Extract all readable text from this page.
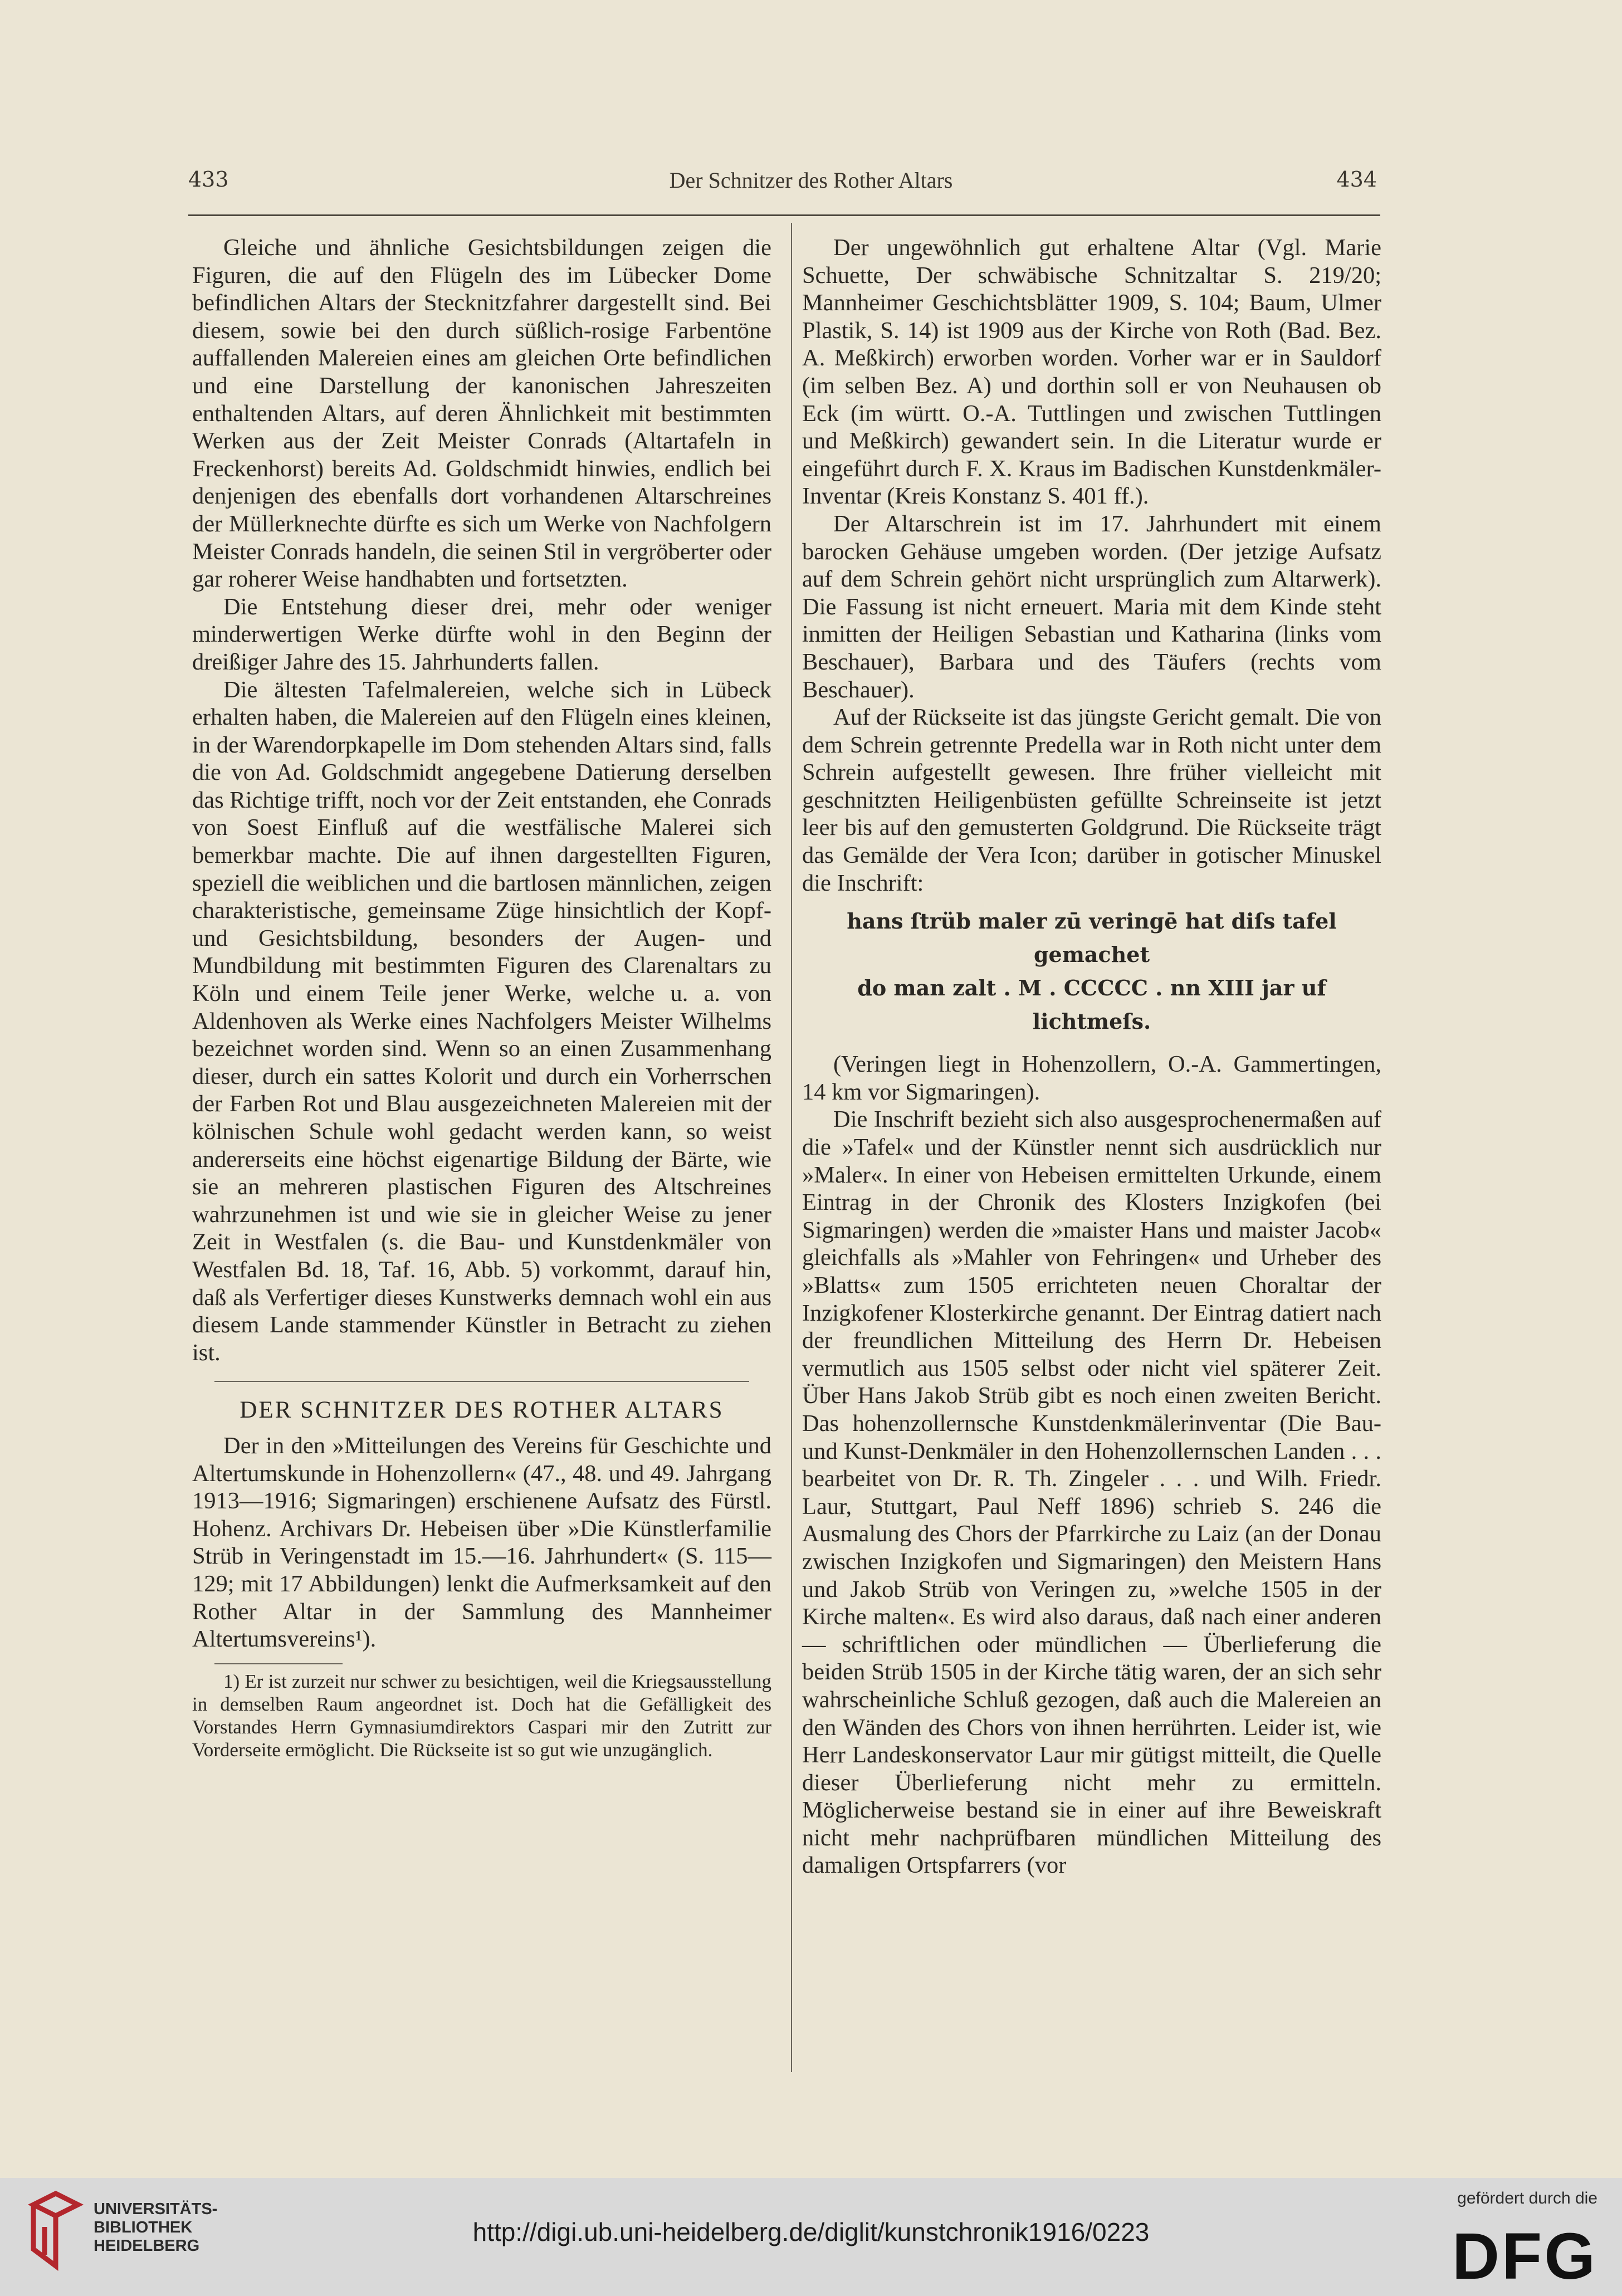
433	Der Schnitzer des Rother Altars	434

Gleiche und ähnliche Gesichtsbildungen zeigen die Figuren, die auf den Flügeln des im Lübecker Dome befindlichen Altars der Stecknitzfahrer dargestellt sind. Bei diesem, sowie bei den durch süßlich-rosige Farbentöne auffallenden Malereien eines am gleichen Orte befindlichen und eine Darstellung der kanonischen Jahreszeiten enthaltenden Altars, auf deren Ähnlichkeit mit bestimmten Werken aus der Zeit Meister Conrads (Altartafeln in Freckenhorst) bereits Ad. Goldschmidt hinwies, endlich bei denjenigen des ebenfalls dort vorhandenen Altarschreines der Müllerknechte dürfte es sich um Werke von Nachfolgern Meister Conrads handeln, die seinen Stil in vergröberter oder gar roherer Weise handhabten und fortsetzten.

Die Entstehung dieser drei, mehr oder weniger minderwertigen Werke dürfte wohl in den Beginn der dreißiger Jahre des 15. Jahrhunderts fallen.

Die ältesten Tafelmalereien, welche sich in Lübeck erhalten haben, die Malereien auf den Flügeln eines kleinen, in der Warendorpkapelle im Dom stehenden Altars sind, falls die von Ad. Goldschmidt angegebene Datierung derselben das Richtige trifft, noch vor der Zeit entstanden, ehe Conrads von Soest Einfluß auf die westfälische Malerei sich bemerkbar machte. Die auf ihnen dargestellten Figuren, speziell die weiblichen und die bartlosen männlichen, zeigen charakteristische, gemeinsame Züge hinsichtlich der Kopf- und Gesichtsbildung, besonders der Augen- und Mundbildung mit bestimmten Figuren des Clarenaltars zu Köln und einem Teile jener Werke, welche u. a. von Aldenhoven als Werke eines Nachfolgers Meister Wilhelms bezeichnet worden sind. Wenn so an einen Zusammenhang dieser, durch ein sattes Kolorit und durch ein Vorherrschen der Farben Rot und Blau ausgezeichneten Malereien mit der kölnischen Schule wohl gedacht werden kann, so weist andererseits eine höchst eigenartige Bildung der Bärte, wie sie an mehreren plastischen Figuren des Altschreines wahrzunehmen ist und wie sie in gleicher Weise zu jener Zeit in Westfalen (s. die Bau- und Kunstdenkmäler von Westfalen Bd. 18, Taf. 16, Abb. 5) vorkommt, darauf hin, daß als Verfertiger dieses Kunstwerks demnach wohl ein aus diesem Lande stammender Künstler in Betracht zu ziehen ist.

DER SCHNITZER DES ROTHER ALTARS

Der in den »Mitteilungen des Vereins für Geschichte und Altertumskunde in Hohenzollern« (47., 48. und 49. Jahrgang 1913—1916; Sigmaringen) erschienene Aufsatz des Fürstl. Hohenz. Archivars Dr. Hebeisen über »Die Künstlerfamilie Strüb in Veringenstadt im 15.—16. Jahrhundert« (S. 115—129; mit 17 Abbildungen) lenkt die Aufmerksamkeit auf den Rother Altar in der Sammlung des Mannheimer Altertumsvereins¹).

1) Er ist zurzeit nur schwer zu besichtigen, weil die Kriegsausstellung in demselben Raum angeordnet ist. Doch hat die Gefälligkeit des Vorstandes Herrn Gymnasiumdirektors Caspari mir den Zutritt zur Vorderseite ermöglicht. Die Rückseite ist so gut wie unzugänglich.

Der ungewöhnlich gut erhaltene Altar (Vgl. Marie Schuette, Der schwäbische Schnitzaltar S. 219/20; Mannheimer Geschichtsblätter 1909, S. 104; Baum, Ulmer Plastik, S. 14) ist 1909 aus der Kirche von Roth (Bad. Bez. A. Meßkirch) erworben worden. Vorher war er in Sauldorf (im selben Bez. A) und dorthin soll er von Neuhausen ob Eck (im württ. O.-A. Tuttlingen und zwischen Tuttlingen und Meßkirch) gewandert sein. In die Literatur wurde er eingeführt durch F. X. Kraus im Badischen Kunstdenkmäler-Inventar (Kreis Konstanz S. 401 ff.).

Der Altarschrein ist im 17. Jahrhundert mit einem barocken Gehäuse umgeben worden. (Der jetzige Aufsatz auf dem Schrein gehört nicht ursprünglich zum Altarwerk). Die Fassung ist nicht erneuert. Maria mit dem Kinde steht inmitten der Heiligen Sebastian und Katharina (links vom Beschauer), Barbara und des Täufers (rechts vom Beschauer).

Auf der Rückseite ist das jüngste Gericht gemalt. Die von dem Schrein getrennte Predella war in Roth nicht unter dem Schrein aufgestellt gewesen. Ihre früher vielleicht mit geschnitzten Heiligenbüsten gefüllte Schreinseite ist jetzt leer bis auf den gemusterten Goldgrund. Die Rückseite trägt das Gemälde der Vera Icon; darüber in gotischer Minuskel die Inschrift:

hans ſtrüb maler zū veringē hat diſs tafel gemachet
do man zalt . M . CCCCC . nn XIII jar uf lichtmeſs.

(Veringen liegt in Hohenzollern, O.-A. Gammertingen, 14 km vor Sigmaringen).

Die Inschrift bezieht sich also ausgesprochenermaßen auf die »Tafel« und der Künstler nennt sich ausdrücklich nur »Maler«. In einer von Hebeisen ermittelten Urkunde, einem Eintrag in der Chronik des Klosters Inzigkofen (bei Sigmaringen) werden die »maister Hans und maister Jacob« gleichfalls als »Mahler von Fehringen« und Urheber des »Blatts« zum 1505 errichteten neuen Choraltar der Inzigkofener Klosterkirche genannt. Der Eintrag datiert nach der freundlichen Mitteilung des Herrn Dr. Hebeisen vermutlich aus 1505 selbst oder nicht viel späterer Zeit. Über Hans Jakob Strüb gibt es noch einen zweiten Bericht. Das hohenzollernsche Kunstdenkmälerinventar (Die Bau- und Kunst-Denkmäler in den Hohenzollernschen Landen . . . bearbeitet von Dr. R. Th. Zingeler . . . und Wilh. Friedr. Laur, Stuttgart, Paul Neff 1896) schrieb S. 246 die Ausmalung des Chors der Pfarrkirche zu Laiz (an der Donau zwischen Inzigkofen und Sigmaringen) den Meistern Hans und Jakob Strüb von Veringen zu, »welche 1505 in der Kirche malten«. Es wird also daraus, daß nach einer anderen — schriftlichen oder mündlichen — Überlieferung die beiden Strüb 1505 in der Kirche tätig waren, der an sich sehr wahrscheinliche Schluß gezogen, daß auch die Malereien an den Wänden des Chors von ihnen herrührten. Leider ist, wie Herr Landeskonservator Laur mir gütigst mitteilt, die Quelle dieser Überlieferung nicht mehr zu ermitteln. Möglicherweise bestand sie in einer auf ihre Beweiskraft nicht mehr nachprüfbaren mündlichen Mitteilung des damaligen Ortspfarrers (vor

UNIVERSITÄTS-
BIBLIOTHEK
HEIDELBERG	http://digi.ub.uni-heidelberg.de/diglit/kunstchronik1916/0223
gefördert durch die
DFG
